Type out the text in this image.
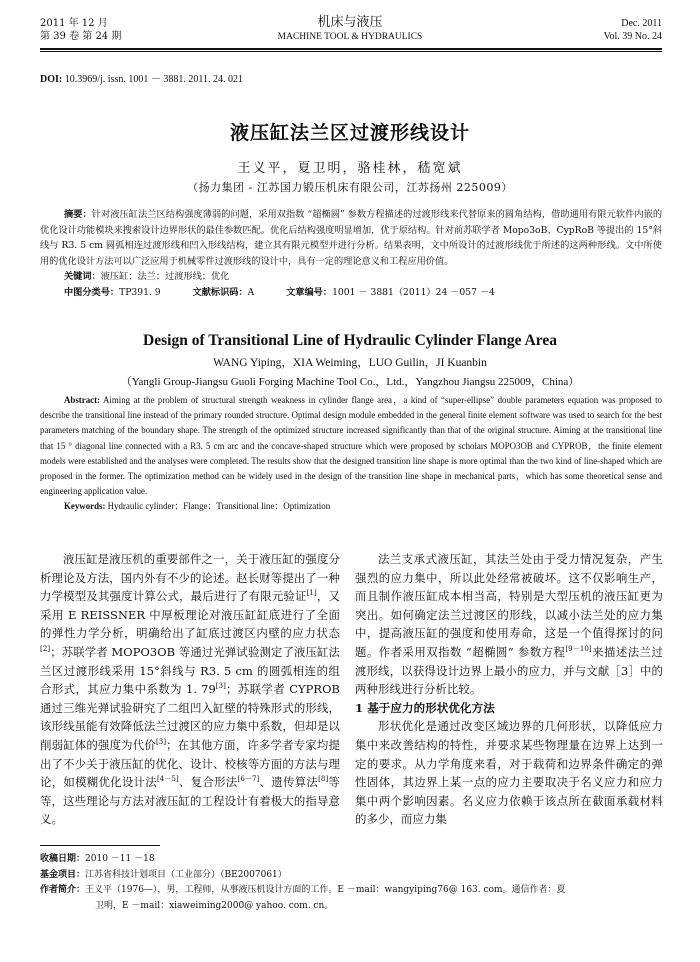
2011 年 12 月
第 39 卷 第 24 期
机床与液压
MACHINE TOOL & HYDRAULICS
Dec. 2011
Vol. 39 No. 24
DOI: 10.3969/j. issn. 1001 － 3881. 2011. 24. 021
液压缸法兰区过渡形线设计
王义平，夏卫明，骆桂林，嵇宽斌
（扬力集团 - 江苏国力锻压机床有限公司，江苏扬州 225009）

摘要：针对液压缸法兰区结构强度薄弱的问题，采用双指数 “超椭圆” 参数方程描述的过渡形线来代替原来的圆角结构，借助通用有限元软件内嵌的优化设计功能模块来搜索设计边界形状的最佳参数匹配。优化后结构强度明显增加，优于原结构。针对前苏联学者 Mopo3oB、CypRoB 等提出的 15°斜线与 R3. 5 cm 圆弧相连过渡形线和凹入形线结构，建立其有限元模型并进行分析。结果表明，文中所设计的过渡形线优于所述的这两种形线。文中所使用的优化设计方法可以广泛应用于机械零件过渡形线的设计中，具有一定的理论意义和工程应用价值。

关键词：液压缸；法兰；过渡形线；优化

中图分类号：TP391. 9	文献标识码：A	文章编号：1001 － 3881（2011）24 －057 －4

Design of Transitional Line of Hydraulic Cylinder Flange Area
WANG Yiping，XIA Weiming，LUO Guilin，JI Kuanbin
（Yangli Group-Jiangsu Guoli Forging Machine Tool Co.，Ltd.，Yangzhou Jiangsu 225009，China）

Abstract: Aiming at the problem of structural strength weakness in cylinder flange area，a kind of “super-ellipse” double parameters equation was proposed to describe the transitional line instead of the primary rounded structure. Optimal design module embedded in the general finite element software was used to search for the best parameters matching of the boundary shape. The strength of the optimized structure increased significantly than that of the original structure. Aiming at the transitional line that 15 ° diagonal line connected with a R3. 5 cm arc and the concave-shaped structure which were proposed by scholars MOPO3OB and CYPROB，the finite element models were established and the analyses were completed. The results show that the designed transition line shape is more optimal than the two kind of line-shaped which are proposed in the former. The optimization method can be widely used in the design of the transition line shape in mechanical parts，which has some theoretical sense and engineering application value.

Keywords: Hydraulic cylinder；Flange；Transitional line；Optimization

液压缸是液压机的重要部件之一，关于液压缸的强度分析理论及方法，国内外有不少的论述。赵长财等提出了一种力学模型及其强度计算公式，最后进行了有限元验证[1]，又采用 E REISSNER 中厚板理论对液压缸缸底进行了全面的弹性力学分析，明确给出了缸底过渡区内壁的应力状态[2]；苏联学者 MOPO3OB 等通过光弹试验测定了液压缸法兰区过渡形线采用 15°斜线与 R3. 5 cm 的圆弧相连的组合形式，其应力集中系数为 1. 79[3]；苏联学者 CYPROB 通过三维光弹试验研究了二组凹入缸壁的特殊形式的形线，该形线虽能有效降低法兰过渡区的应力集中系数，但却是以削弱缸体的强度为代价[3]；在其他方面，许多学者专家均提出了不少关于液压缸的优化、设计、校核等方面的方法与理论，如模糊优化设计法[4－5]、复合形法[6－7]、遗传算法[8]等等，这些理论与方法对液压缸的工程设计有着极大的指导意义。

法兰支承式液压缸，其法兰处由于受力情况复杂，产生强烈的应力集中，所以此处经常被破坏。这不仅影响生产，而且制作液压缸成本相当高，特别是大型压机的液压缸更为突出。如何确定法兰过渡区的形线，以减小法兰处的应力集中，提高液压缸的强度和使用寿命，这是一个值得探讨的问题。作者采用双指数 “超椭圆” 参数方程[9－10]来描述法兰过渡形线，以获得设计边界上最小的应力，并与文献［3］中的两种形线进行分析比较。

1 基于应力的形状优化方法

形状优化是通过改变区域边界的几何形状，以降低应力集中来改善结构的特性，并要求某些物理量在边界上达到一定的要求。从力学角度来看，对于载荷和边界条件确定的弹性固体，其边界上某一点的应力主要取决于名义应力和应力集中两个影响因素。名义应力依赖于该点所在截面承载材料的多少，而应力集

收稿日期：2010 －11 －18
基金项目：江苏省科技计划项目（工业部分）（BE2007061）
作者简介：王义平（1976—），男，工程师，从事液压机设计方面的工作。E －mail：wangyiping76@ 163. com。通信作者：夏
卫明，E －mail：xiaweiming2000@ yahoo. com. cn。
